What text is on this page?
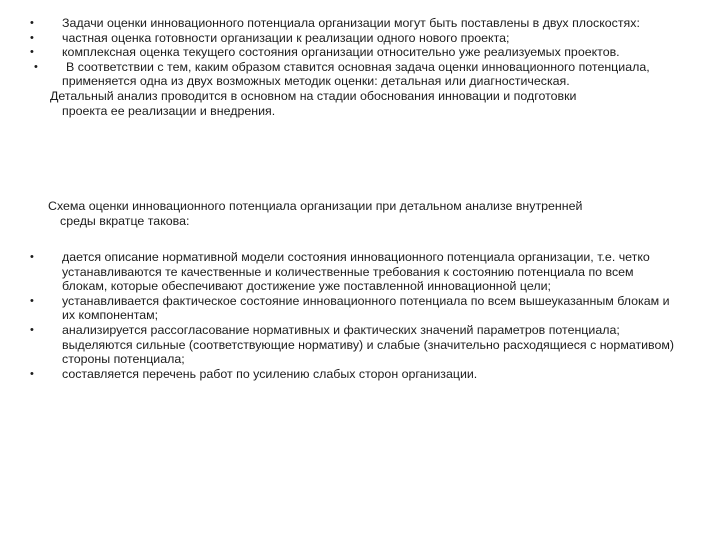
• Задачи оценки инновационного потенциала организации могут быть поставлены в двух плоскостях:

• частная оценка готовности организации к реализации одного нового проекта;

• комплексная оценка текущего состояния организации относительно уже реализуемых проектов.

• В соответствии с тем, каким образом ставится основная задача оценки инновационного потенциала, применяется одна из двух возможных методик оценки: детальная или диагностическая.

Детальный анализ проводится в основном на стадии обоснования инновации и подготовки
проекта ее реализации и внедрения.

Схема оценки инновационного потенциала организации при детальном анализе внутренней
среды вкратце такова:

• дается описание нормативной модели состояния инновационного потенциала организации, т.е. четко устанавливаются те качественные и количественные требования к состоянию потенциала по всем блокам, которые обеспечивают достижение уже поставленной инновационной цели;

• устанавливается фактическое состояние инновационного потенциала по всем вышеуказанным блокам и их компонентам;

• анализируется рассогласование нормативных и фактических значений параметров потенциала; выделяются сильные (соответствующие нормативу) и слабые (значительно расходящиеся с нормативом) стороны потенциала;

• составляется перечень работ по усилению слабых сторон организации.
